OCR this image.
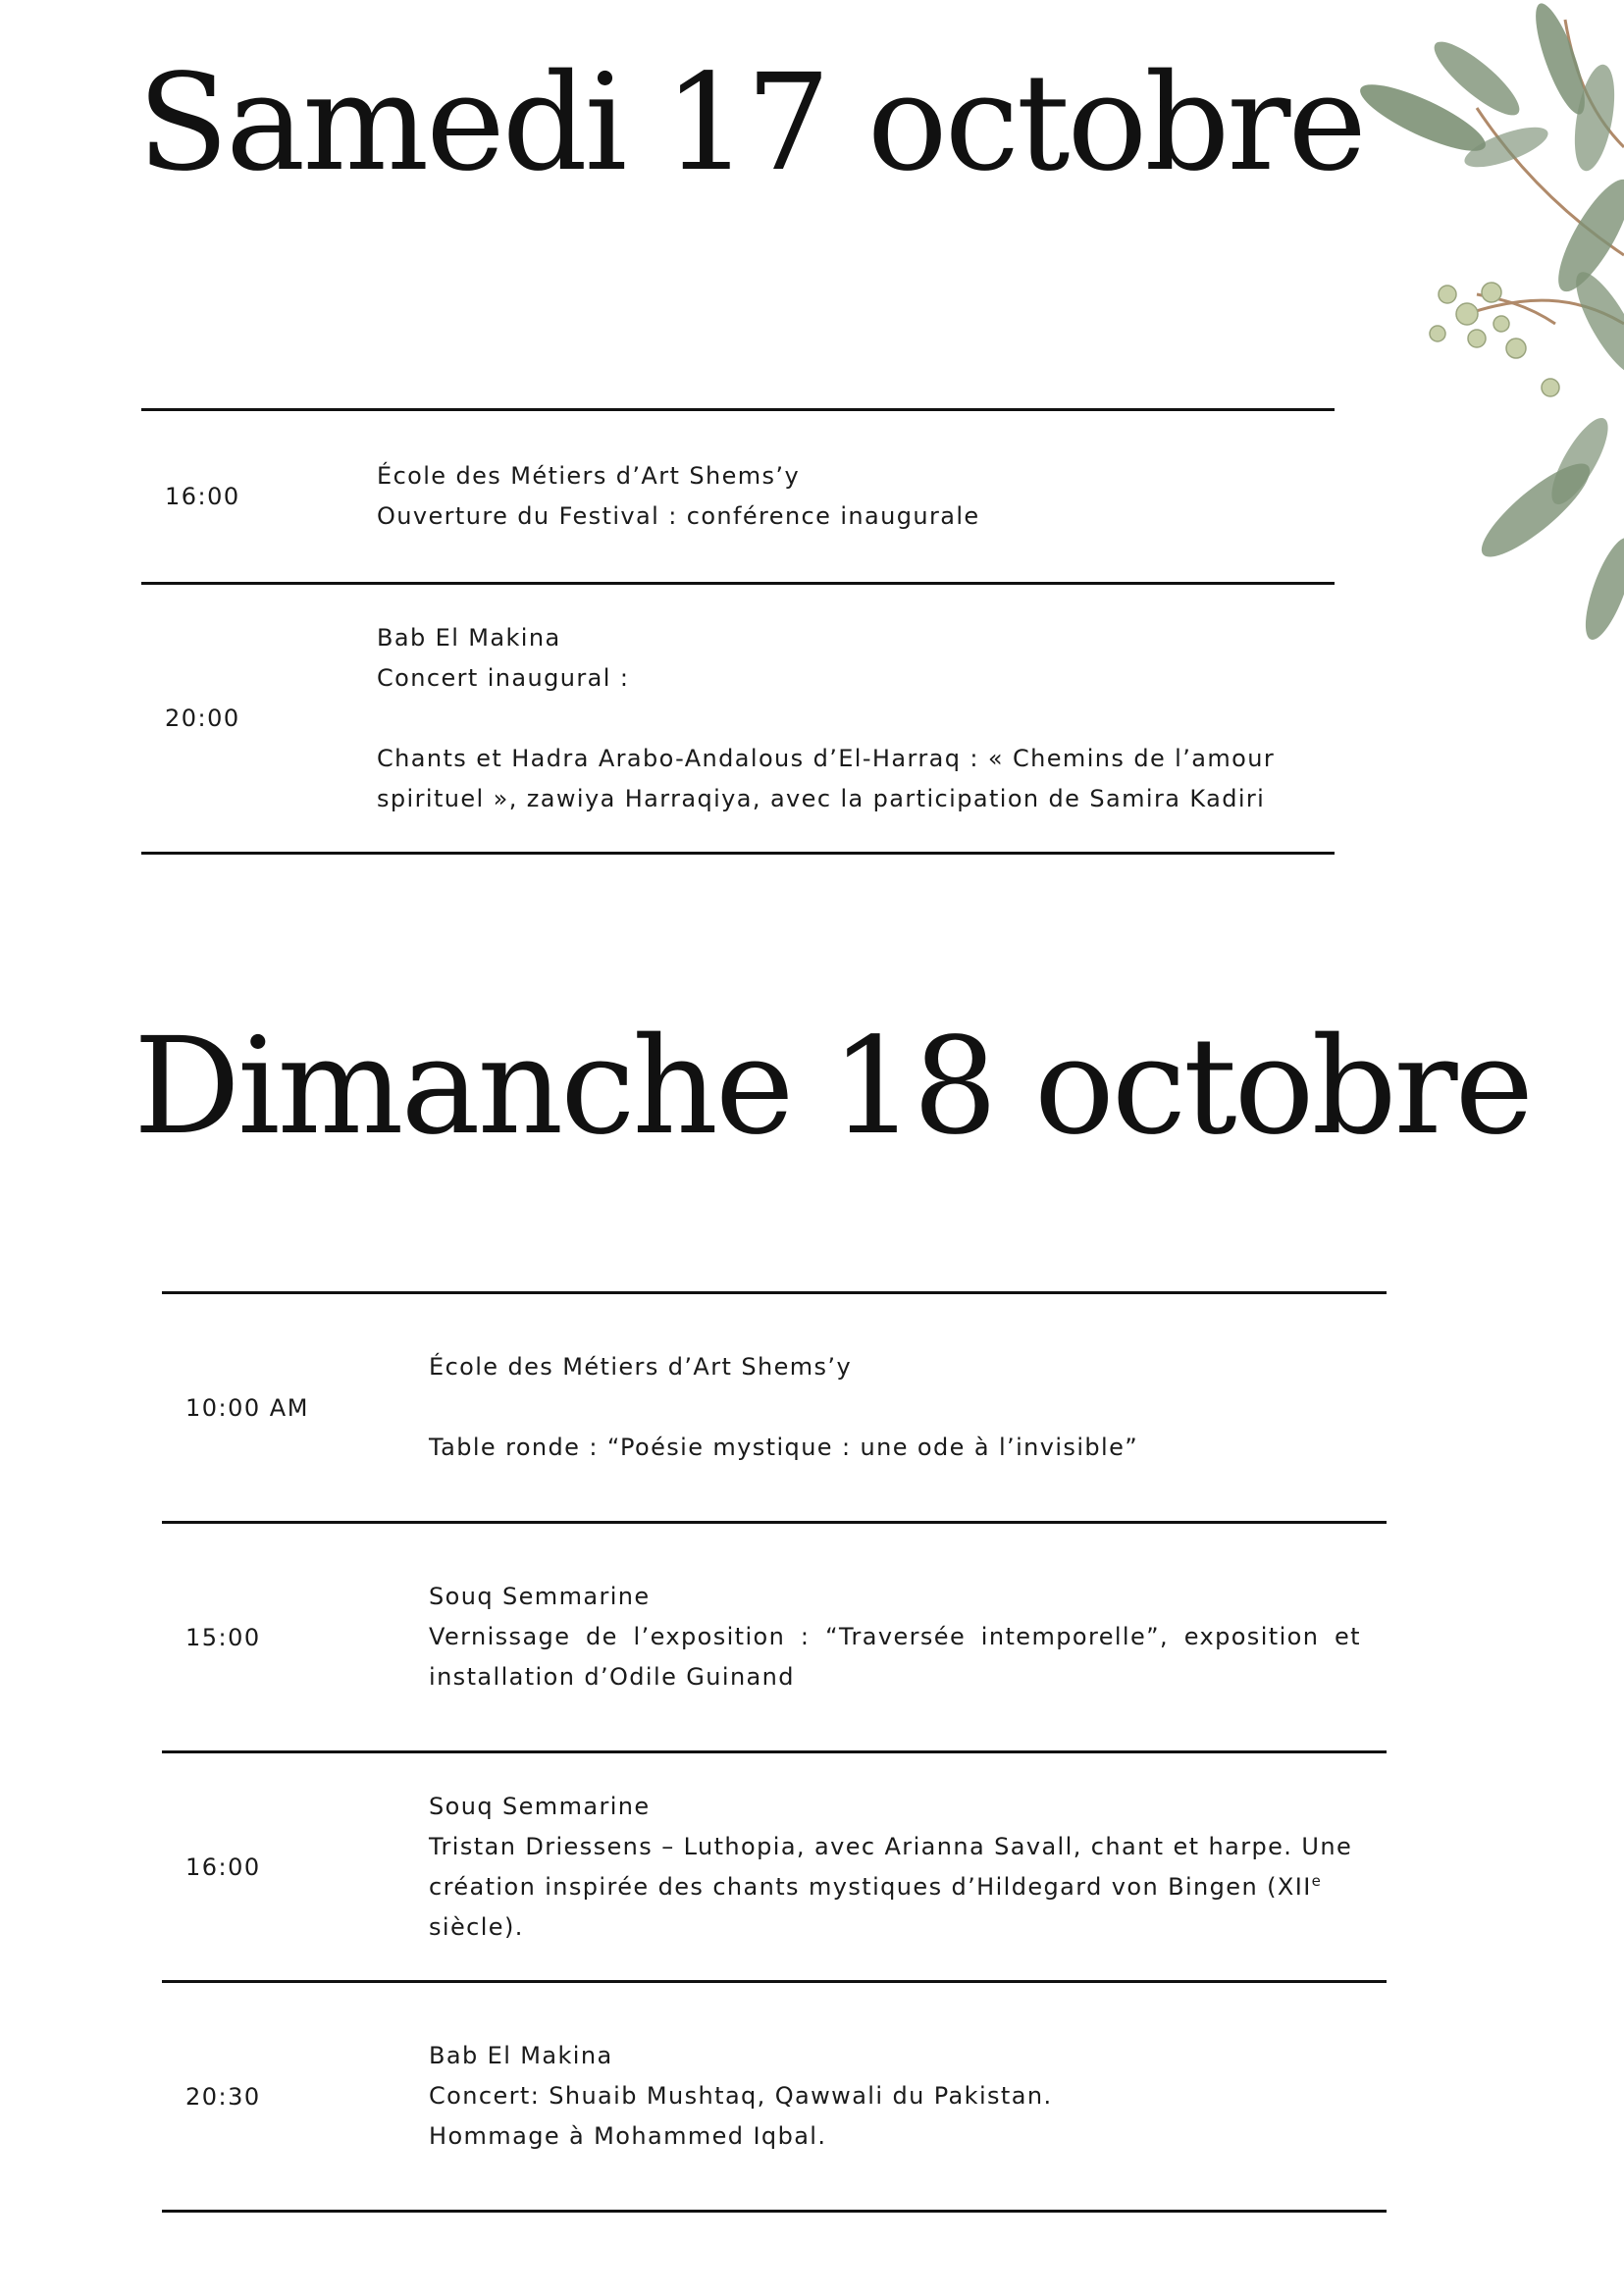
Samedi 17 octobre
16:00
École des Métiers d’Art Shems’y
Ouverture du Festival : conférence inaugurale
20:00
Bab El Makina
Concert inaugural :
Chants et Hadra Arabo-Andalous d’El-Harraq : « Chemins de l’amour
spirituel », zawiya Harraqiya, avec la participation de Samira Kadiri
Dimanche 18 octobre
10:00 AM
École des Métiers d’Art Shems’y
Table ronde : “Poésie mystique : une ode à l’invisible”
15:00
Souq Semmarine
Vernissage de l’exposition : “Traversée intemporelle”, exposition et
installation d’Odile Guinand
16:00
Souq Semmarine
Tristan Driessens – Luthopia, avec Arianna Savall, chant et harpe. Une
création inspirée des chants mystiques d’Hildegard von Bingen (XIIe
siècle).
20:30
Bab El Makina
Concert: Shuaib Mushtaq, Qawwali du Pakistan.
Hommage à Mohammed Iqbal.
